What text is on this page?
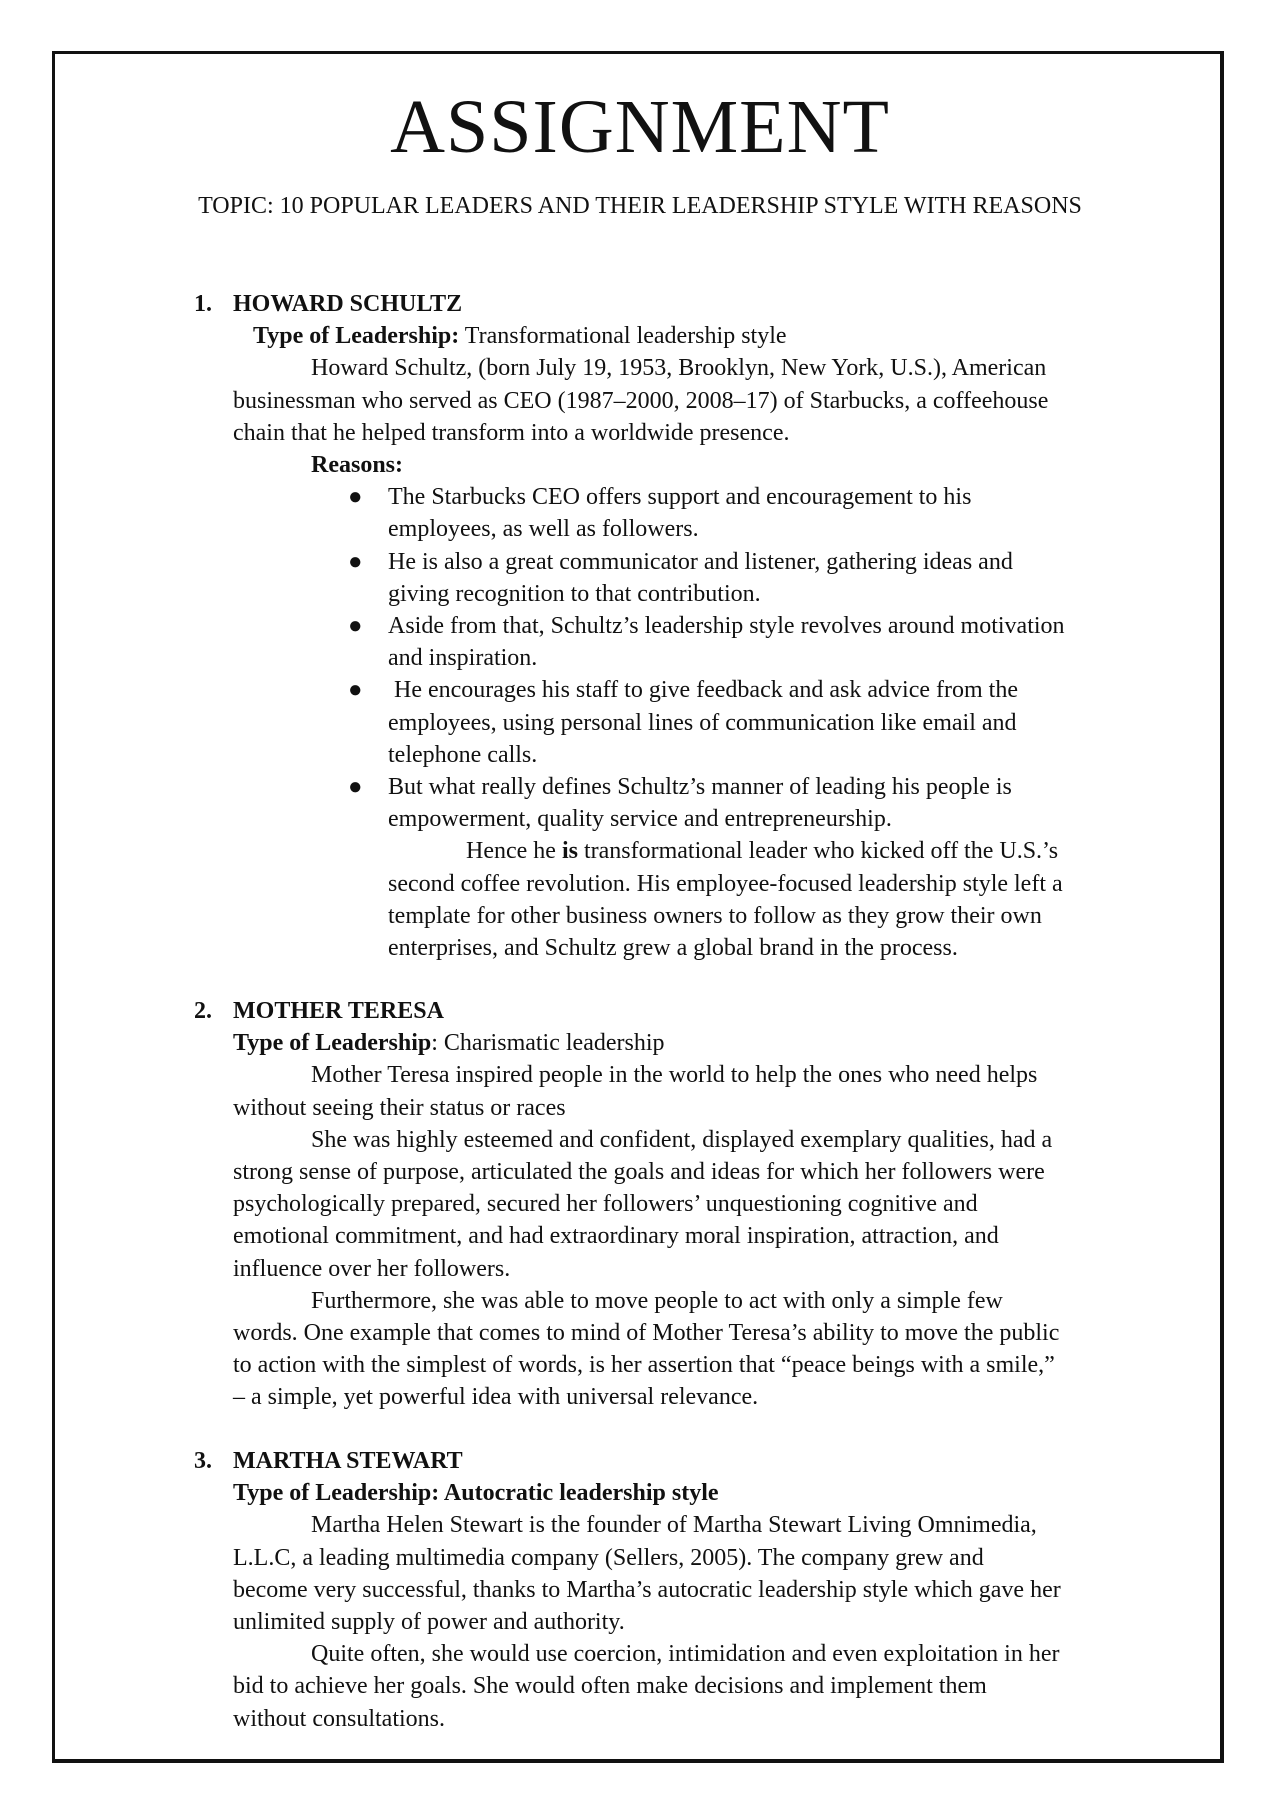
ASSIGNMENT
TOPIC: 10 POPULAR LEADERS AND THEIR LEADERSHIP STYLE WITH REASONS
1. HOWARD SCHULTZ
Type of Leadership: Transformational leadership style
Howard Schultz, (born July 19, 1953, Brooklyn, New York, U.S.), American
businessman who served as CEO (1987–2000, 2008–17) of Starbucks, a coffeehouse
chain that he helped transform into a worldwide presence.
Reasons:
● The Starbucks CEO offers support and encouragement to his
employees, as well as followers.
● He is also a great communicator and listener, gathering ideas and
giving recognition to that contribution.
● Aside from that, Schultz’s leadership style revolves around motivation
and inspiration.
● He encourages his staff to give feedback and ask advice from the
employees, using personal lines of communication like email and
telephone calls.
● But what really defines Schultz’s manner of leading his people is
empowerment, quality service and entrepreneurship.
Hence he is transformational leader who kicked off the U.S.’s
second coffee revolution. His employee-focused leadership style left a
template for other business owners to follow as they grow their own
enterprises, and Schultz grew a global brand in the process.
2. MOTHER TERESA
Type of Leadership: Charismatic leadership
Mother Teresa inspired people in the world to help the ones who need helps
without seeing their status or races
She was highly esteemed and confident, displayed exemplary qualities, had a
strong sense of purpose, articulated the goals and ideas for which her followers were
psychologically prepared, secured her followers’ unquestioning cognitive and
emotional commitment, and had extraordinary moral inspiration, attraction, and
influence over her followers.
Furthermore, she was able to move people to act with only a simple few
words. One example that comes to mind of Mother Teresa’s ability to move the public
to action with the simplest of words, is her assertion that “peace beings with a smile,”
– a simple, yet powerful idea with universal relevance.
3. MARTHA STEWART
Type of Leadership: Autocratic leadership style
Martha Helen Stewart is the founder of Martha Stewart Living Omnimedia,
L.L.C, a leading multimedia company (Sellers, 2005). The company grew and
become very successful, thanks to Martha’s autocratic leadership style which gave her
unlimited supply of power and authority.
Quite often, she would use coercion, intimidation and even exploitation in her
bid to achieve her goals. She would often make decisions and implement them
without consultations.
